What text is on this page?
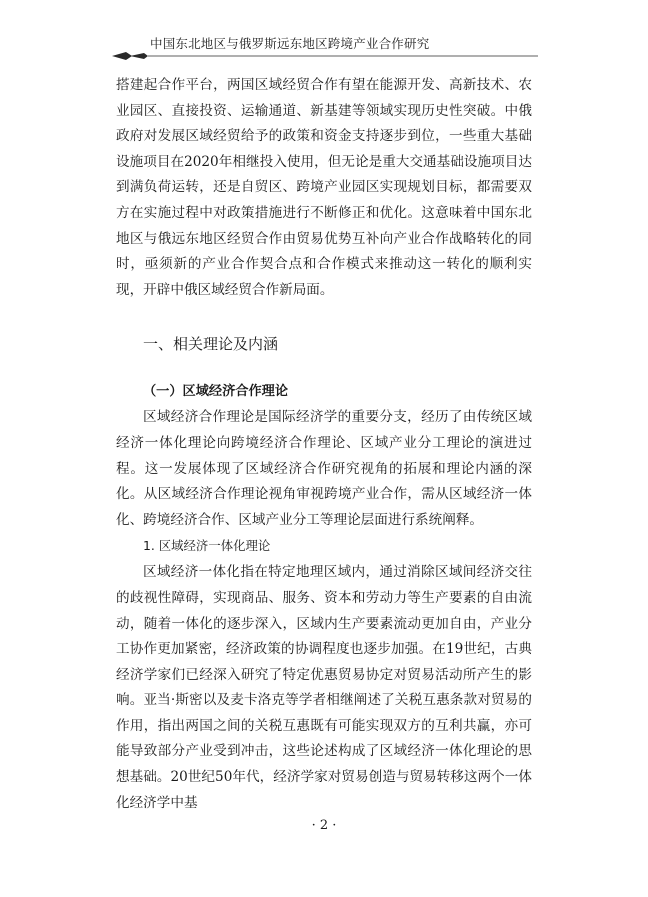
中国东北地区与俄罗斯远东地区跨境产业合作研究

搭建起合作平台，两国区域经贸合作有望在能源开发、高新技术、农业园区、直接投资、运输通道、新基建等领域实现历史性突破。中俄政府对发展区域经贸给予的政策和资金支持逐步到位，一些重大基础设施项目在2020年相继投入使用，但无论是重大交通基础设施项目达到满负荷运转，还是自贸区、跨境产业园区实现规划目标，都需要双方在实施过程中对政策措施进行不断修正和优化。这意味着中国东北地区与俄远东地区经贸合作由贸易优势互补向产业合作战略转化的同时，亟须新的产业合作契合点和合作模式来推动这一转化的顺利实现，开辟中俄区域经贸合作新局面。

一、相关理论及内涵
（一）区域经济合作理论

区域经济合作理论是国际经济学的重要分支，经历了由传统区域经济一体化理论向跨境经济合作理论、区域产业分工理论的演进过程。这一发展体现了区域经济合作研究视角的拓展和理论内涵的深化。从区域经济合作理论视角审视跨境产业合作，需从区域经济一体化、跨境经济合作、区域产业分工等理论层面进行系统阐释。

1. 区域经济一体化理论

区域经济一体化指在特定地理区域内，通过消除区域间经济交往的歧视性障碍，实现商品、服务、资本和劳动力等生产要素的自由流动，随着一体化的逐步深入，区域内生产要素流动更加自由，产业分工协作更加紧密，经济政策的协调程度也逐步加强。在19世纪，古典经济学家们已经深入研究了特定优惠贸易协定对贸易活动所产生的影响。亚当·斯密以及麦卡洛克等学者相继阐述了关税互惠条款对贸易的作用，指出两国之间的关税互惠既有可能实现双方的互利共赢，亦可能导致部分产业受到冲击，这些论述构成了区域经济一体化理论的思想基础。20世纪50年代，经济学家对贸易创造与贸易转移这两个一体化经济学中基

· 2 ·
